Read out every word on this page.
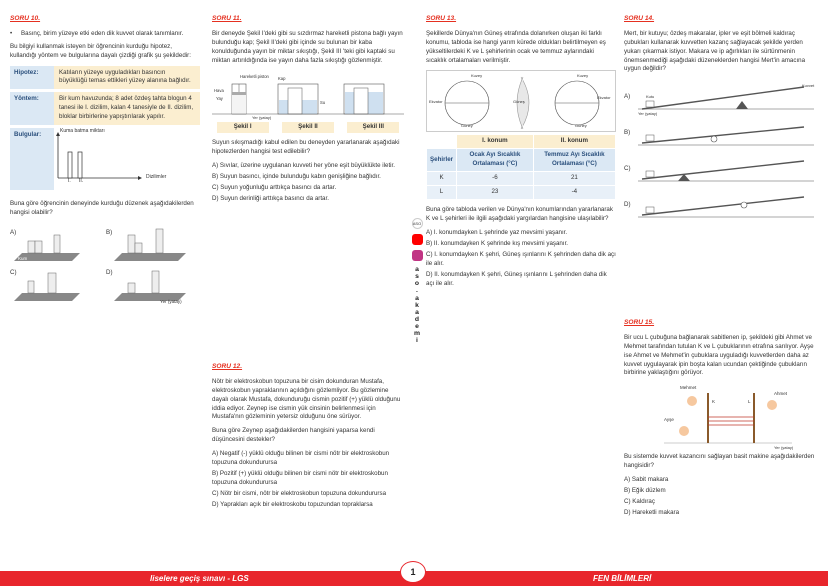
SORU 10.
•	Basınç, birim yüzeye etki eden dik kuvvet olarak tanımlanır.

Bu bilgiyi kullanmak isteyen bir öğrencinin kurduğu hipotez, kullandığı yöntem ve bulgularına dayalı çizdiği grafik şu şekildedir:

Hipotez:	Katıların yüzeye uyguladıkları basıncın büyüklüğü temas ettikleri yüzey alanına bağlıdır.
Yöntem:	Bir kum havuzunda; 8 adet özdeş tahta blogun 4 tanesi ile I. dizilim, kalan 4 tanesiyle de II. dizilim, bloklar birbirlerine yapıştırılarak yapılır.
Bulgular:	Kuma batma miktarı
I. II.
Dizilimler

Buna göre öğrencinin deneyinde kurduğu düzenek aşağıdakilerden hangisi olabilir?

A)	B)
C)	D)
Kum
Yer (yatay)
SORU 11.

Bir deneyde Şekil I'deki gibi su sızdırmaz hareketli pistona bağlı yayın bulunduğu kap; Şekil II'deki gibi içinde su bulunan bir kaba konulduğunda yayın bir miktar sıkıştığı, Şekil III 'teki gibi kaptaki su miktarı artırıldığında ise yayın daha fazla sıkıştığı gözlenmiştir.

Hareketli piston
Yay
Hava
Kap
Yer (yatay)
Su
Şekil I	Şekil II	Şekil III

Suyun sıkışmadığı kabul edilen bu deneyden yararlanarak aşağıdaki hipotezlerden hangisi test edilebilir?

A) Sıvılar, üzerine uygulanan kuvveti her yöne eşit büyüklükte iletir.
B) Suyun basıncı, içinde bulunduğu kabın genişliğine bağlıdır.
C) Suyun yoğunluğu arttıkça basıncı da artar.
D) Suyun derinliği arttıkça basıncı da artar.
SORU 12.

Nötr bir elektroskobun topuzuna bir cisim dokunduran Mustafa, elektroskobun yapraklarının açıldığını gözlemliyor. Bu gözlemine dayalı olarak Mustafa, dokunduruğu cismin pozitif (+) yüklü olduğunu iddia ediyor. Zeynep ise cismin yük cinsinin belirlenmesi için Mustafa'nın gözleminin yetersiz olduğunu öne sürüyor.

Buna göre Zeynep aşağıdakilerden hangisini yaparsa kendi düşüncesini destekler?

A) Negatif (-) yüklü olduğu bilinen bir cismi nötr bir elektroskobun topuzuna dokundurursa
B) Pozitif (+) yüklü olduğu bilinen bir cismi nötr bir elektroskobun topuzuna dokundurursa
C) Nötr bir cismi, nötr bir elektroskobun topuzuna dokundurursa
D) Yaprakları açık bir elektroskobu topuzundan topraklarsa
ASO
a
s
o
.
a
k
a
d
e
m
i
SORU 13.

Şekillerde Dünya'nın Güneş etrafında dolanırken oluşan iki farklı konumu, tabloda ise hangi yarım kürede oldukları belirtilmeyen eş yükseltilerdeki K ve L şehirlerinin ocak ve temmuz aylarındaki sıcaklık ortalamaları verilmiştir.

Kuzey
Ekvator
Güney
Güneş
Kuzey
Ekvator
Güney
	I. konum	II. konum
Şehirler	Ocak Ayı Sıcaklık Ortalaması (°C)	Temmuz Ayı Sıcaklık Ortalaması (°C)
K	-6	21
L	23	-4

Buna göre tabloda verilen ve Dünya'nın konumlarından yararlanarak K ve L şehirleri ile ilgili aşağıdaki yargılardan hangisine ulaşılabilir?

A) I. konumdayken L şehrinde yaz mevsimi yaşanır.
B) II. konumdayken K şehrinde kış mevsimi yaşanır.
C) I. konumdayken K şehri, Güneş ışınlarını K şehrinden daha dik açı ile alır.
D) II. konumdayken K şehri, Güneş ışınlarını L şehrinden daha dik açı ile alır.
SORU 14.

Mert, bir kutuyu; özdeş makaralar, ipler ve eşit bölmeli kaldıraç çubukları kullanarak kuvvetten kazanç sağlayacak şekilde yerden yukarı çıkarmak istiyor. Makara ve ip ağırlıkları ile sürtünmenin önemsenmediği aşağıdaki düzeneklerden hangisi Mert'in amacına uygun değildir?

A)
B)
C)
D)
Kutu
Kuvvet
Yer (yatay)
SORU 15.

Bir ucu L çubuğuna bağlanarak sabitlenen ip, şekildeki gibi Ahmet ve Mehmet tarafından tutulan K ve L çubuklarının etrafına sarılıyor. Ayşe ise Ahmet ve Mehmet'in çubuklara uyguladığı kuvvetlerden daha az kuvvet uygulayarak ipin boşta kalan ucundan çektiğinde çubukların birbirine yaklaştığını görüyor.

Mehmet
Ahmet
Ayşe
K	L
Yer (yatay)

Bu sistemde kuvvet kazancını sağlayan basit makine aşağıdakilerden hangisidir?

A) Sabit makara
B) Eğik düzlem
C) Kaldıraç
D) Hareketli makara
liselere geçiş sınavı - LGS	FEN BİLİMLERİ
1
